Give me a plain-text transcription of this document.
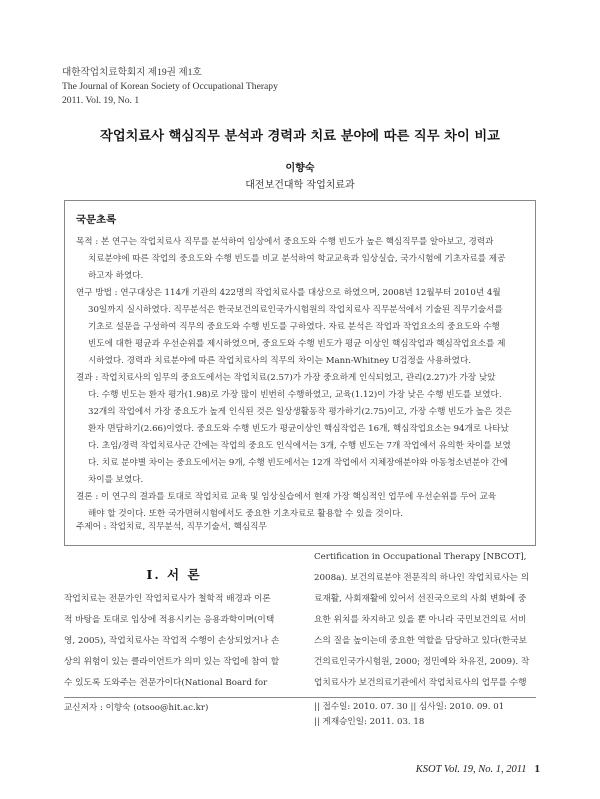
대한작업치료학회지 제19권 제1호
The Journal of Korean Society of Occupational Therapy
2011. Vol. 19, No. 1
작업치료사 핵심직무 분석과 경력과 치료 분야에 따른 직무 차이 비교
이향숙
대전보건대학 작업치료과
국문초록
목적 : 본 연구는 작업치료사 직무를 분석하여 임상에서 중요도와 수행 빈도가 높은 핵심직무를 알아보고, 경력과
치료분야에 따른 작업의 중요도와 수행 빈도를 비교 분석하여 학교교육과 임상실습, 국가시험에 기초자료를 제공
하고자 하였다.
연구 방법 : 연구대상은 114개 기관의 422명의 작업치료사를 대상으로 하였으며, 2008년 12월부터 2010년 4월
30일까지 실시하였다. 직무분석은 한국보건의료인국가시험원의 작업치료사 직무분석에서 기술된 직무기술서를
기초로 설문을 구성하여 직무의 중요도와 수행 빈도를 구하였다. 자료 분석은 작업과 작업요소의 중요도와 수행
빈도에 대한 평균과 우선순위를 제시하였으며, 중요도와 수행 빈도가 평균 이상인 핵심작업과 핵심작업요소를 제
시하였다. 경력과 치료분야에 따른 작업치료사의 직무의 차이는 Mann-Whitney U검정을 사용하였다.
결과 : 작업치료사의 임무의 중요도에서는 작업치료(2.57)가 가장 중요하게 인식되었고, 관리(2.27)가 가장 낮았
다. 수행 빈도는 환자 평가(1.98)로 가장 많이 빈번히 수행하였고, 교육(1.12)이 가장 낮은 수행 빈도를 보였다.
32개의 작업에서 가장 중요도가 높게 인식된 것은 일상생활동작 평가하기(2.75)이고, 가장 수행 빈도가 높은 것은
환자 면담하기(2.66)이였다. 중요도와 수행 빈도가 평균이상인 핵심작업은 16개, 핵심작업요소는 94개로 나타났
다. 초임/경력 작업치료사군 간에는 작업의 중요도 인식에서는 3개, 수행 빈도는 7개 작업에서 유의한 차이를 보였
다. 치료 분야별 차이는 중요도에서는 9개, 수행 빈도에서는 12개 작업에서 지체장애분야와 아동청소년분야 간에
차이를 보였다.
결론 : 이 연구의 결과를 토대로 작업치료 교육 및 임상실습에서 현재 가장 핵심적인 업무에 우선순위를 두어 교육
해야 할 것이다. 또한 국가면허시험에서도 중요한 기초자료로 활용할 수 있을 것이다.
주제어 : 작업치료, 직무분석, 직무기술서, 핵심직무
Ⅰ. 서 론
작업치료는 전문가인 작업치료사가 철학적 배경과 이론
적 바탕을 토대로 임상에 적용시키는 응용과학이며(이택
영, 2005), 작업치료사는 작업적 수행이 손상되었거나 손
상의 위험이 있는 클라이언트가 의미 있는 작업에 참여 할
수 있도록 도와주는 전문가이다(National Board for
Certification in Occupational Therapy [NBCOT],
2008a). 보건의료분야 전문직의 하나인 작업치료사는 의
료재활, 사회재활에 있어서 선진국으로의 사회 변화에 중
요한 위치를 차지하고 있을 뿐 아니라 국민보건의료 서비
스의 질을 높이는데 중요한 역할을 담당하고 있다(한국보
건의료인국가시험원, 2000; 정민예와 차유진, 2009). 작
업치료사가 보건의료기관에서 작업치료사의 업무를 수행
교신저자 : 이향숙 (otsoo@hit.ac.kr)	|| 접수일: 2010. 07. 30 || 심사일: 2010. 09. 01
|| 게재승인일: 2011. 03. 18
KSOT Vol. 19, No. 1, 2011 1
